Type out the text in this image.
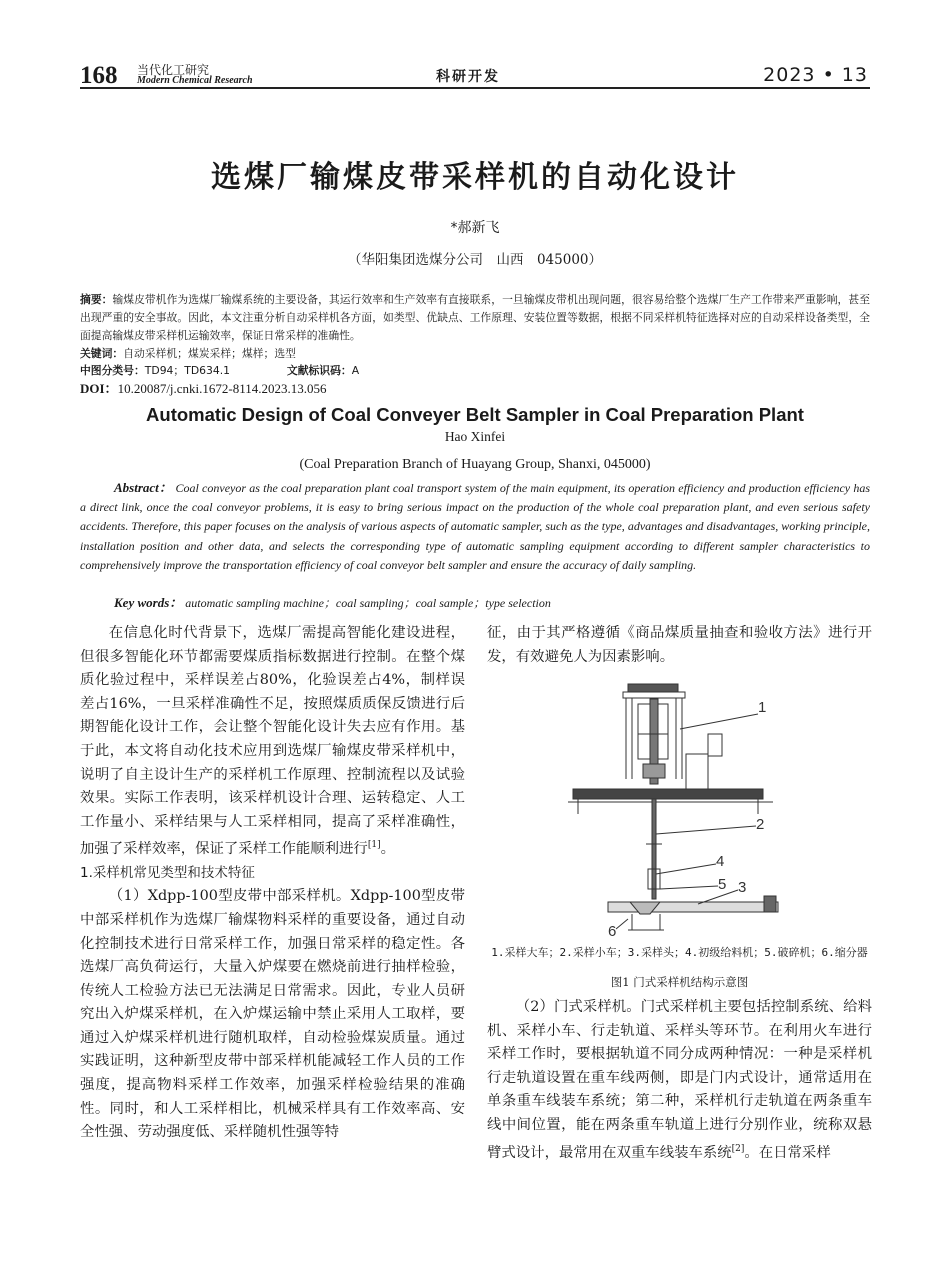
168 当代化工研究
Modern Chemical Research	科研开发	2023 • 13
选煤厂输煤皮带采样机的自动化设计
*郝新飞
（华阳集团选煤分公司　山西　045000）
摘要：输煤皮带机作为选煤厂输煤系统的主要设备，其运行效率和生产效率有直接联系，一旦输煤皮带机出现问题，很容易给整个选煤厂生产工作带来严重影响，甚至出现严重的安全事故。因此，本文注重分析自动采样机各方面，如类型、优缺点、工作原理、安装位置等数据，根据不同采样机特征选择对应的自动采样设备类型，全面提高输煤皮带采样机运输效率，保证日常采样的准确性。
关键词：自动采样机；煤炭采样；煤样；选型
中图分类号：TD94；TD634.1	文献标识码：A
DOI：10.20087/j.cnki.1672-8114.2023.13.056
Automatic Design of Coal Conveyer Belt Sampler in Coal Preparation Plant
Hao Xinfei
(Coal Preparation Branch of Huayang Group, Shanxi, 045000)
Abstract： Coal conveyor as the coal preparation plant coal transport system of the main equipment, its operation efficiency and production efficiency has a direct link, once the coal conveyor problems, it is easy to bring serious impact on the production of the whole coal preparation plant, and even serious safety accidents. Therefore, this paper focuses on the analysis of various aspects of automatic sampler, such as the type, advantages and disadvantages, working principle, installation position and other data, and selects the corresponding type of automatic sampling equipment according to different sampler characteristics to comprehensively improve the transportation efficiency of coal conveyor belt sampler and ensure the accuracy of daily sampling.
Key words： automatic sampling machine；coal sampling；coal sample；type selection

在信息化时代背景下，选煤厂需提高智能化建设进程，但很多智能化环节都需要煤质指标数据进行控制。在整个煤质化验过程中，采样误差占80%，化验误差占4%，制样误差占16%，一旦采样准确性不足，按照煤质质保反馈进行后期智能化设计工作，会让整个智能化设计失去应有作用。基于此，本文将自动化技术应用到选煤厂输煤皮带采样机中，说明了自主设计生产的采样机工作原理、控制流程以及试验效果。实际工作表明，该采样机设计合理、运转稳定、人工工作量小、采样结果与人工采样相同，提高了采样准确性，加强了采样效率，保证了采样工作能顺利进行[1]。

1.采样机常见类型和技术特征

（1）Xdpp-100型皮带中部采样机。Xdpp-100型皮带中部采样机作为选煤厂输煤物料采样的重要设备，通过自动化控制技术进行日常采样工作，加强日常采样的稳定性。各选煤厂高负荷运行，大量入炉煤要在燃烧前进行抽样检验，传统人工检验方法已无法满足日常需求。因此，专业人员研究出入炉煤采样机，在入炉煤运输中禁止采用人工取样，要通过入炉煤采样机进行随机取样，自动检验煤炭质量。通过实践证明，这种新型皮带中部采样机能减轻工作人员的工作强度，提高物料采样工作效率，加强采样检验结果的准确性。同时，和人工采样相比，机械采样具有工作效率高、安全性强、劳动强度低、采样随机性强等特

征，由于其严格遵循《商品煤质量抽查和验收方法》进行开发，有效避免人为因素影响。

1
2
4
5 3
6
1.采样大车；2.采样小车；3.采样头；4.初级给料机；5.破碎机；6.缩分器
图1 门式采样机结构示意图

（2）门式采样机。门式采样机主要包括控制系统、给料机、采样小车、行走轨道、采样头等环节。在利用火车进行采样工作时，要根据轨道不同分成两种情况：一种是采样机行走轨道设置在重车线两侧，即是门内式设计，通常适用在单条重车线装车系统；第二种，采样机行走轨道在两条重车线中间位置，能在两条重车轨道上进行分别作业，统称双悬臂式设计，最常用在双重车线装车系统[2]。在日常采样
